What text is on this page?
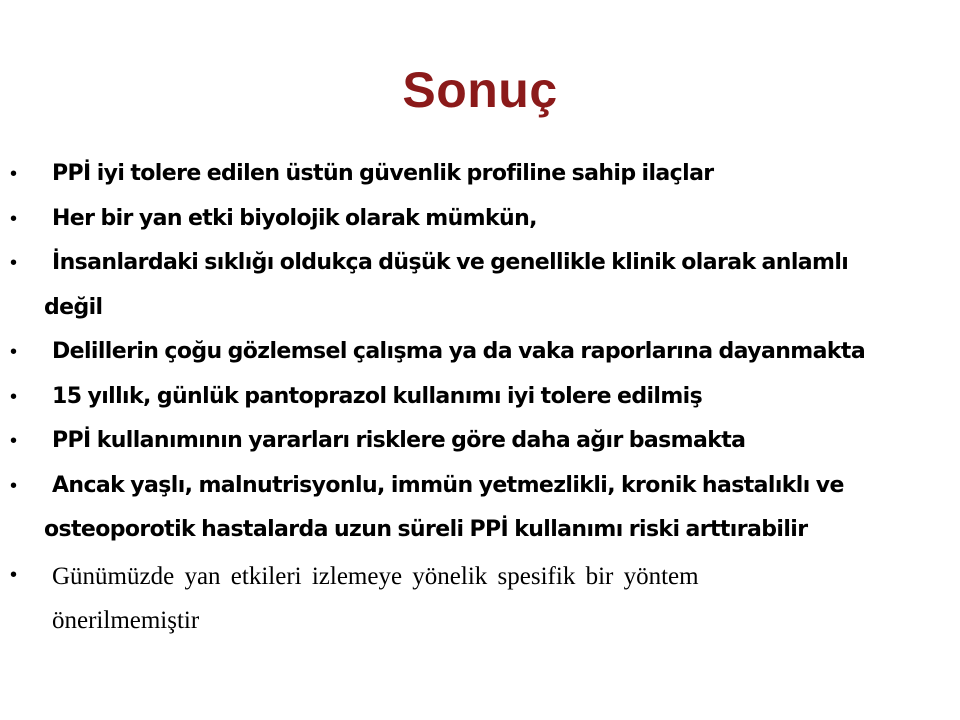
Sonuç
• PPİ iyi tolere edilen üstün güvenlik profiline sahip ilaçlar
• Her bir yan etki biyolojik olarak mümkün,
• İnsanlardaki sıklığı oldukça düşük ve genellikle klinik olarak anlamlı
değil
• Delillerin çoğu gözlemsel çalışma ya da vaka raporlarına dayanmakta
• 15 yıllık, günlük pantoprazol kullanımı iyi tolere edilmiş
• PPİ kullanımının yararları risklere göre daha ağır basmakta
• Ancak yaşlı, malnutrisyonlu, immün yetmezlikli, kronik hastalıklı ve
osteoporotik hastalarda uzun süreli PPİ kullanımı riski arttırabilir
• Günümüzde yan etkileri izlemeye yönelik spesifik bir yöntem
önerilmemiştir
